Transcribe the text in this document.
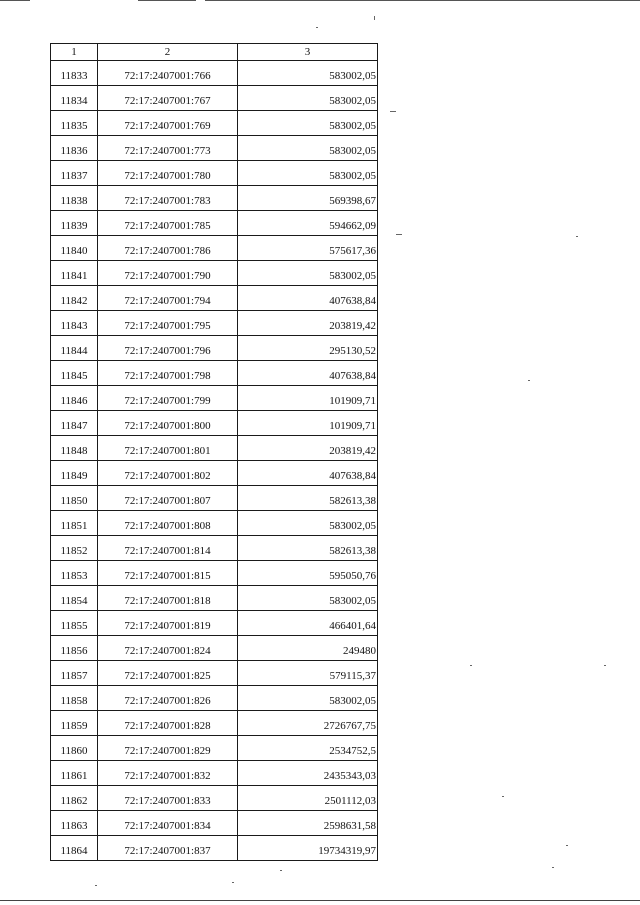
1	2	3
11833	72:17:2407001:766	583002,05
11834	72:17:2407001:767	583002,05
11835	72:17:2407001:769	583002,05
11836	72:17:2407001:773	583002,05
11837	72:17:2407001:780	583002,05
11838	72:17:2407001:783	569398,67
11839	72:17:2407001:785	594662,09
11840	72:17:2407001:786	575617,36
11841	72:17:2407001:790	583002,05
11842	72:17:2407001:794	407638,84
11843	72:17:2407001:795	203819,42
11844	72:17:2407001:796	295130,52
11845	72:17:2407001:798	407638,84
11846	72:17:2407001:799	101909,71
11847	72:17:2407001:800	101909,71
11848	72:17:2407001:801	203819,42
11849	72:17:2407001:802	407638,84
11850	72:17:2407001:807	582613,38
11851	72:17:2407001:808	583002,05
11852	72:17:2407001:814	582613,38
11853	72:17:2407001:815	595050,76
11854	72:17:2407001:818	583002,05
11855	72:17:2407001:819	466401,64
11856	72:17:2407001:824	249480
11857	72:17:2407001:825	579115,37
11858	72:17:2407001:826	583002,05
11859	72:17:2407001:828	2726767,75
11860	72:17:2407001:829	2534752,5
11861	72:17:2407001:832	2435343,03
11862	72:17:2407001:833	2501112,03
11863	72:17:2407001:834	2598631,58
11864	72:17:2407001:837	19734319,97
